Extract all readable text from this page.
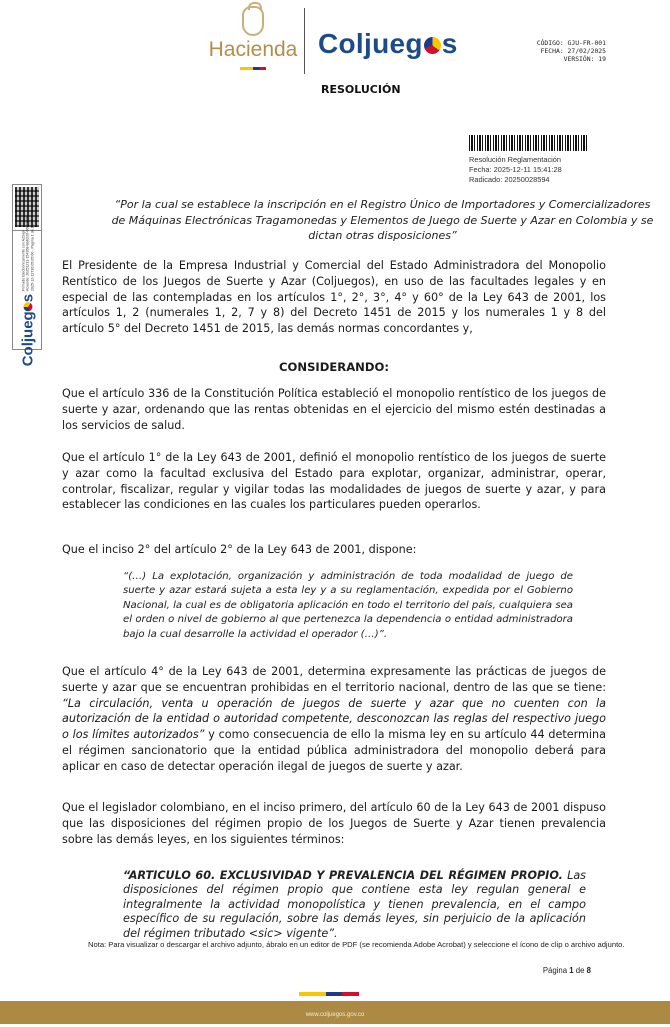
Hacienda Coljueg s	CÓDIGO: GJU-FR-001
FECHA: 27/02/2025
VERSIÓN: 19
RESOLUCIÓN
Resolución Reglamentación
Fecha: 2025-12-11 15:41:28
Radicado: 20250028594
Coljuegs
Firmado Electrónicamente con AZSign Acuerdo: 20251211-154358-8a4D20-00697785 2025-12-11T16:05:05:00 - Página 1 de 10
“Por la cual se establece la inscripción en el Registro Único de Importadores y Comercializadores de Máquinas Electrónicas Tragamonedas y Elementos de Juego de Suerte y Azar en Colombia y se dictan otras disposiciones”
El Presidente de la Empresa Industrial y Comercial del Estado Administradora del Monopolio Rentístico de los Juegos de Suerte y Azar (Coljuegos), en uso de las facultades legales y en especial de las contempladas en los artículos 1°, 2°, 3°, 4° y 60° de la Ley 643 de 2001, los artículos 1, 2 (numerales 1, 2, 7 y 8) del Decreto 1451 de 2015 y los numerales 1 y 8 del artículo 5° del Decreto 1451 de 2015, las demás normas concordantes y,
CONSIDERANDO:
Que el artículo 336 de la Constitución Política estableció el monopolio rentístico de los juegos de suerte y azar, ordenando que las rentas obtenidas en el ejercicio del mismo estén destinadas a los servicios de salud.
Que el artículo 1° de la Ley 643 de 2001, definió el monopolio rentístico de los juegos de suerte y azar como la facultad exclusiva del Estado para explotar, organizar, administrar, operar, controlar, fiscalizar, regular y vigilar todas las modalidades de juegos de suerte y azar, y para establecer las condiciones en las cuales los particulares pueden operarlos.
Que el inciso 2° del artículo 2° de la Ley 643 de 2001, dispone:
“(…) La explotación, organización y administración de toda modalidad de juego de suerte y azar estará sujeta a esta ley y a su reglamentación, expedida por el Gobierno Nacional, la cual es de obligatoria aplicación en todo el territorio del país, cualquiera sea el orden o nivel de gobierno al que pertenezca la dependencia o entidad administradora bajo la cual desarrolle la actividad el operador (…)”.
Que el artículo 4° de la Ley 643 de 2001, determina expresamente las prácticas de juegos de suerte y azar que se encuentran prohibidas en el territorio nacional, dentro de las que se tiene: “La circulación, venta u operación de juegos de suerte y azar que no cuenten con la autorización de la entidad o autoridad competente, desconozcan las reglas del respectivo juego o los límites autorizados” y como consecuencia de ello la misma ley en su artículo 44 determina el régimen sancionatorio que la entidad pública administradora del monopolio deberá para aplicar en caso de detectar operación ilegal de juegos de suerte y azar.
Que el legislador colombiano, en el inciso primero, del artículo 60 de la Ley 643 de 2001 dispuso que las disposiciones del régimen propio de los Juegos de Suerte y Azar tienen prevalencia sobre las demás leyes, en los siguientes términos:
“ARTICULO 60. EXCLUSIVIDAD Y PREVALENCIA DEL RÉGIMEN PROPIO. Las disposiciones del régimen propio que contiene esta ley regulan general e integralmente la actividad monopolística y tienen prevalencia, en el campo específico de su regulación, sobre las demás leyes, sin perjuicio de la aplicación del régimen tributado <sic> vigente”.
Nota: Para visualizar o descargar el archivo adjunto, ábralo en un editor de PDF (se recomienda Adobe Acrobat) y seleccione el ícono de clip o archivo adjunto.
Página 1 de 8
www.coljuegos.gov.co
